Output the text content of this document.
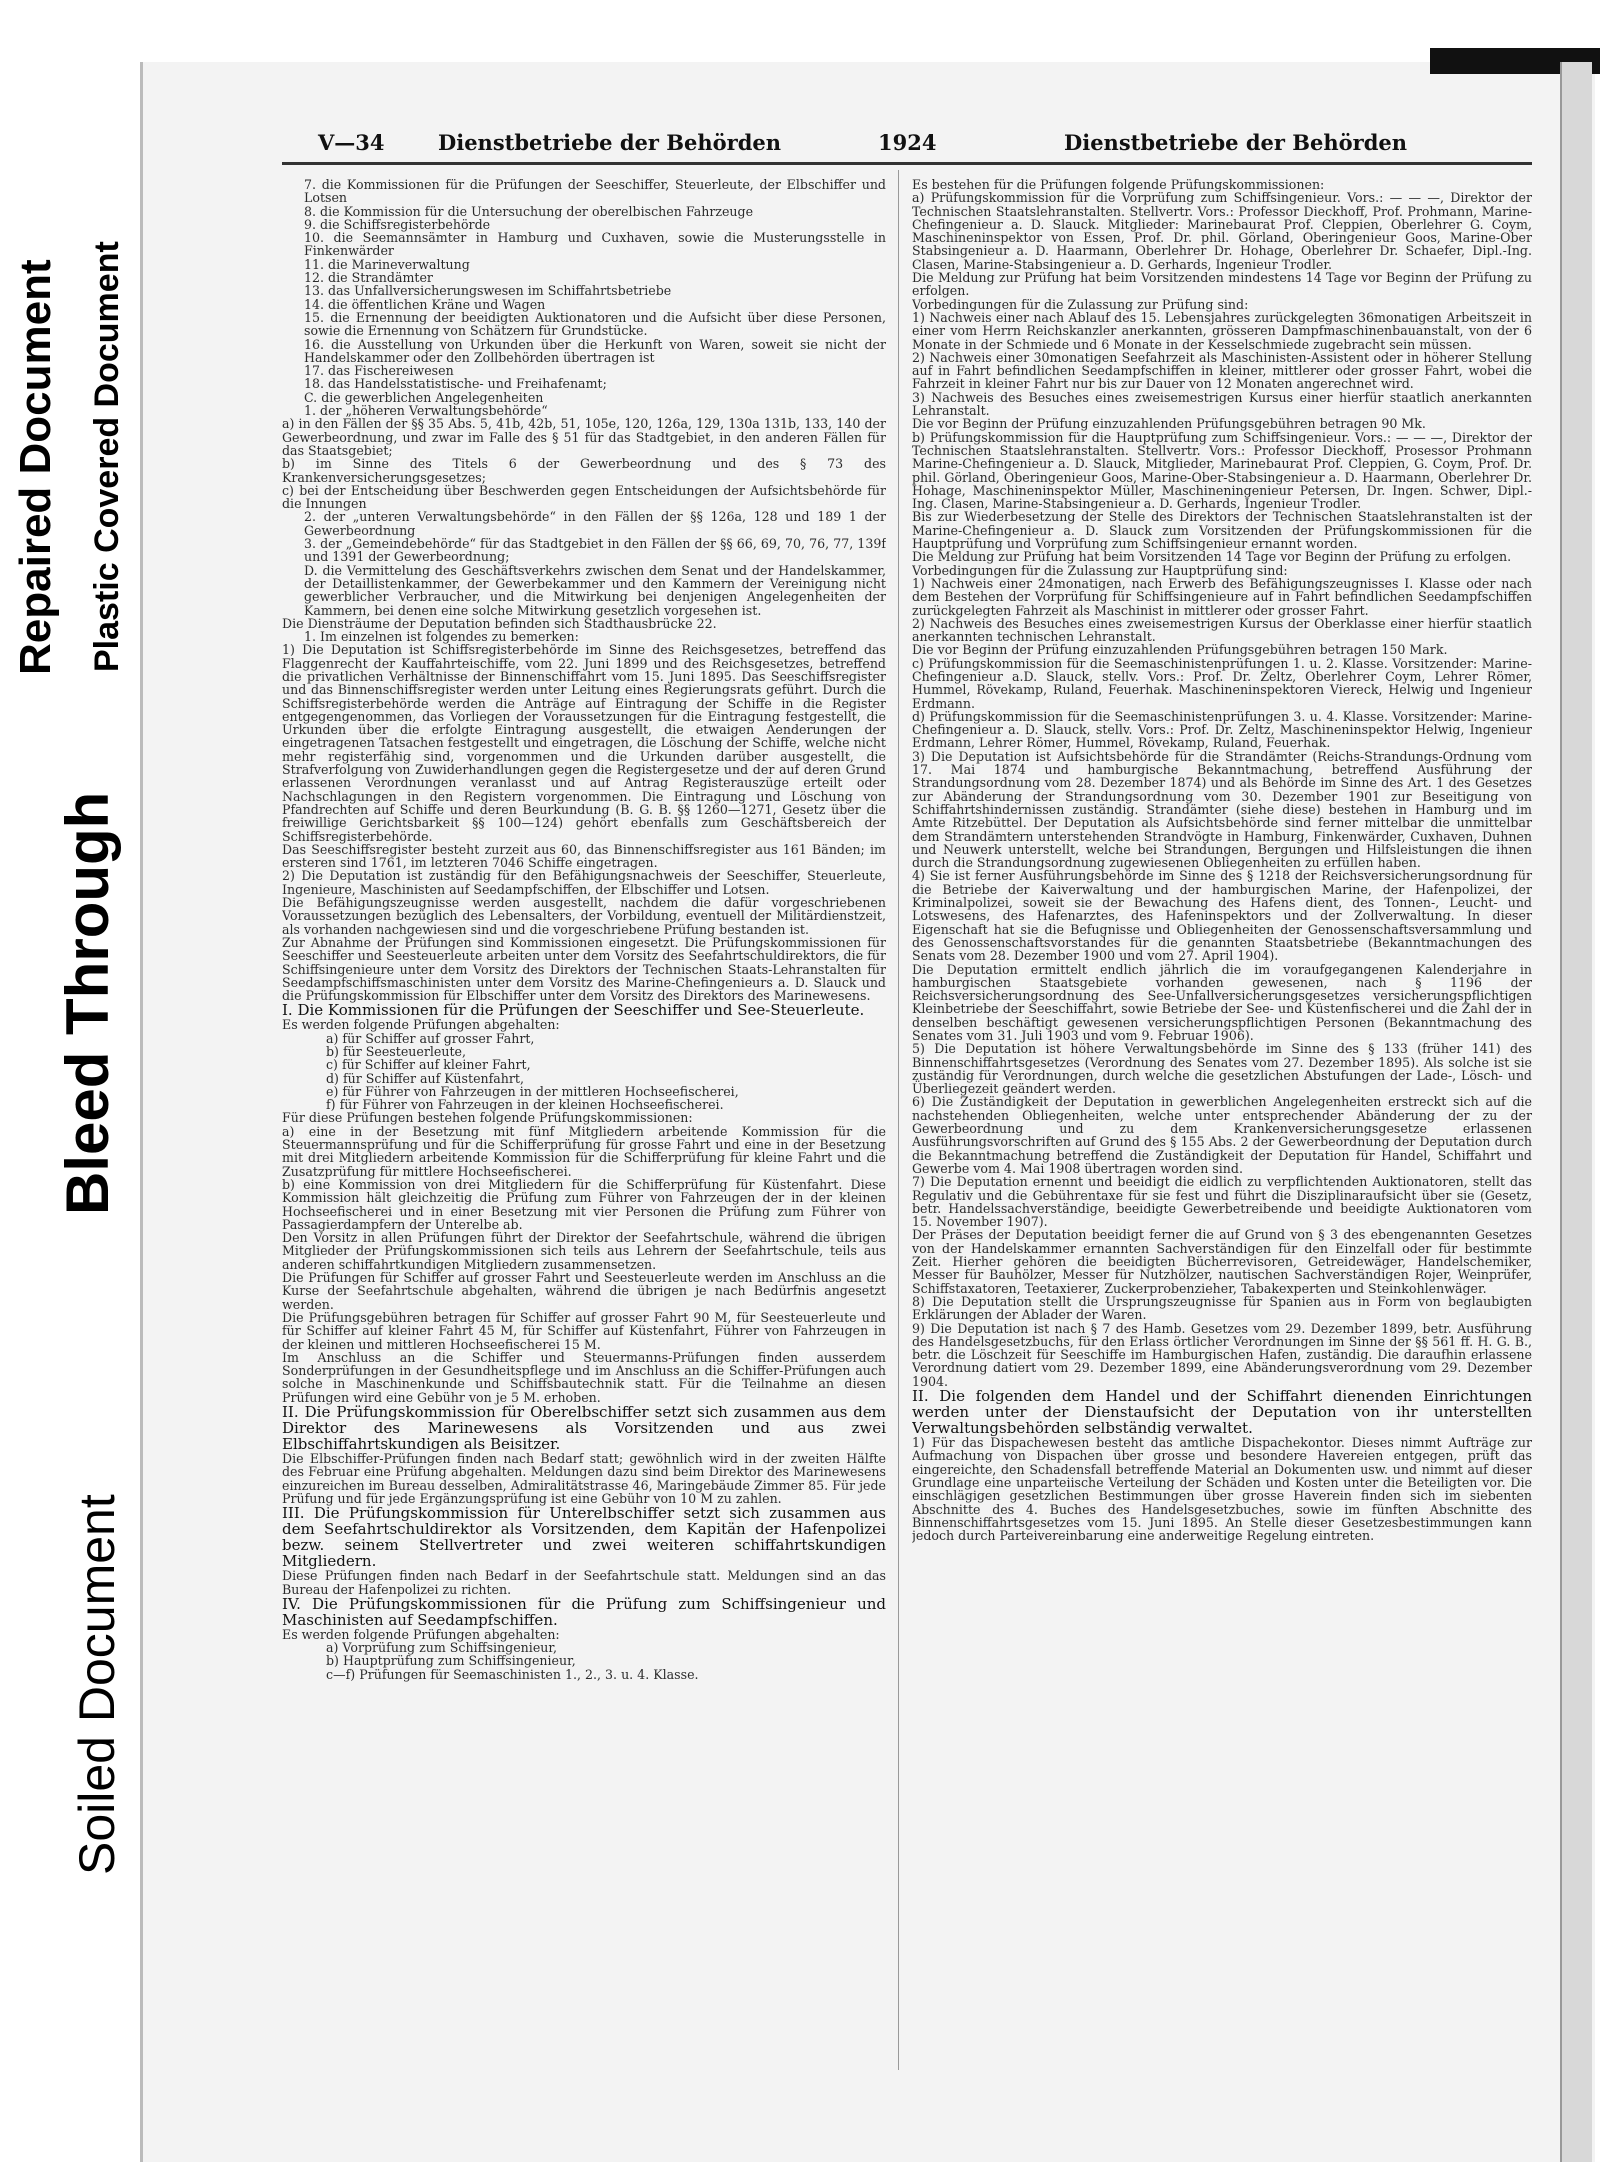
Repaired Document Plastic Covered Document
Bleed Through
Soiled Document
V—34	Dienstbetriebe der Behörden	1924	Dienstbetriebe der Behörden

7. die Kommissionen für die Prüfungen der Seeschiffer, Steuerleute, der Elbschiffer und Lotsen

8. die Kommission für die Untersuchung der oberelbischen Fahrzeuge

9. die Schiffsregisterbehörde

10. die Seemannsämter in Hamburg und Cuxhaven, sowie die Musterungsstelle in Finkenwärder

11. die Marineverwaltung

12. die Strandämter

13. das Unfallversicherungswesen im Schiffahrtsbetriebe

14. die öffentlichen Kräne und Wagen

15. die Ernennung der beeidigten Auktionatoren und die Aufsicht über diese Personen, sowie die Ernennung von Schätzern für Grundstücke.

16. die Ausstellung von Urkunden über die Herkunft von Waren, soweit sie nicht der Handelskammer oder den Zollbehörden übertragen ist

17. das Fischereiwesen

18. das Handelsstatistische- und Freihafenamt;

C. die gewerblichen Angelegenheiten

1. der „höheren Verwaltungsbehörde“

a) in den Fällen der §§ 35 Abs. 5, 41b, 42b, 51, 105e, 120, 126a, 129, 130a 131b, 133, 140 der Gewerbeordnung, und zwar im Falle des § 51 für das Stadtgebiet, in den anderen Fällen für das Staatsgebiet;

b) im Sinne des Titels 6 der Gewerbeordnung und des § 73 des Krankenversicherungsgesetzes;

c) bei der Entscheidung über Beschwerden gegen Entscheidungen der Aufsichtsbehörde für die Innungen

2. der „unteren Verwaltungsbehörde“ in den Fällen der §§ 126a, 128 und 189 1 der Gewerbeordnung

3. der „Gemeindebehörde“ für das Stadtgebiet in den Fällen der §§ 66, 69, 70, 76, 77, 139f und 1391 der Gewerbeordnung;

D. die Vermittelung des Geschäftsverkehrs zwischen dem Senat und der Handelskammer, der Detaillistenkammer, der Gewerbekammer und den Kammern der Vereinigung nicht gewerblicher Verbraucher, und die Mitwirkung bei denjenigen Angelegenheiten der Kammern, bei denen eine solche Mitwirkung gesetzlich vorgesehen ist.

Die Diensträume der Deputation befinden sich Stadthausbrücke 22.

1. Im einzelnen ist folgendes zu bemerken:

1) Die Deputation ist Schiffsregisterbehörde im Sinne des Reichsgesetzes, betreffend das Flaggenrecht der Kauffahrteischiffe, vom 22. Juni 1899 und des Reichsgesetzes, betreffend die privatlichen Verhältnisse der Binnenschiffahrt vom 15. Juni 1895. Das Seeschiffsregister und das Binnenschiffsregister werden unter Leitung eines Regierungsrats geführt. Durch die Schiffsregisterbehörde werden die Anträge auf Eintragung der Schiffe in die Register entgegengenommen, das Vorliegen der Voraussetzungen für die Eintragung festgestellt, die Urkunden über die erfolgte Eintragung ausgestellt, die etwaigen Aenderungen der eingetragenen Tatsachen festgestellt und eingetragen, die Löschung der Schiffe, welche nicht mehr registerfähig sind, vorgenommen und die Urkunden darüber ausgestellt, die Strafverfolgung von Zuwiderhandlungen gegen die Registergesetze und der auf deren Grund erlassenen Verordnungen veranlasst und auf Antrag Registerauszüge erteilt oder Nachschlagungen in den Registern vorgenommen. Die Eintragung und Löschung von Pfandrechten auf Schiffe und deren Beurkundung (B. G. B. §§ 1260—1271, Gesetz über die freiwillige Gerichtsbarkeit §§ 100—124) gehört ebenfalls zum Geschäftsbereich der Schiffsregisterbehörde.

Das Seeschiffsregister besteht zurzeit aus 60, das Binnenschiffsregister aus 161 Bänden; im ersteren sind 1761, im letzteren 7046 Schiffe eingetragen.

2) Die Deputation ist zuständig für den Befähigungsnachweis der Seeschiffer, Steuerleute, Ingenieure, Maschinisten auf Seedampfschiffen, der Elbschiffer und Lotsen.

Die Befähigungszeugnisse werden ausgestellt, nachdem die dafür vorgeschriebenen Voraussetzungen bezüglich des Lebensalters, der Vorbildung, eventuell der Militärdienstzeit, als vorhanden nachgewiesen sind und die vorgeschriebene Prüfung bestanden ist.

Zur Abnahme der Prüfungen sind Kommissionen eingesetzt. Die Prüfungskommissionen für Seeschiffer und Seesteuerleute arbeiten unter dem Vorsitz des Seefahrtschuldirektors, die für Schiffsingenieure unter dem Vorsitz des Direktors der Technischen Staats-Lehranstalten für Seedampfschiffsmaschinisten unter dem Vorsitz des Marine-Chefingenieurs a. D. Slauck und die Prüfungskommission für Elbschiffer unter dem Vorsitz des Direktors des Marinewesens.

I. Die Kommissionen für die Prüfungen der Seeschiffer und See-Steuerleute.

Es werden folgende Prüfungen abgehalten:

a) für Schiffer auf grosser Fahrt,

b) für Seesteuerleute,

c) für Schiffer auf kleiner Fahrt,

d) für Schiffer auf Küstenfahrt,

e) für Führer von Fahrzeugen in der mittleren Hochseefischerei,

f) für Führer von Fahrzeugen in der kleinen Hochseefischerei.

Für diese Prüfungen bestehen folgende Prüfungskommissionen:

a) eine in der Besetzung mit fünf Mitgliedern arbeitende Kommission für die Steuermannsprüfung und für die Schifferprüfung für grosse Fahrt und eine in der Besetzung mit drei Mitgliedern arbeitende Kommission für die Schifferprüfung für kleine Fahrt und die Zusatzprüfung für mittlere Hochseefischerei.

b) eine Kommission von drei Mitgliedern für die Schifferprüfung für Küstenfahrt. Diese Kommission hält gleichzeitig die Prüfung zum Führer von Fahrzeugen der in der kleinen Hochseefischerei und in einer Besetzung mit vier Personen die Prüfung zum Führer von Passagierdampfern der Unterelbe ab.

Den Vorsitz in allen Prüfungen führt der Direktor der Seefahrtschule, während die übrigen Mitglieder der Prüfungskommissionen sich teils aus Lehrern der Seefahrtschule, teils aus anderen schiffahrtkundigen Mitgliedern zusammensetzen.

Die Prüfungen für Schiffer auf grosser Fahrt und Seesteuerleute werden im Anschluss an die Kurse der Seefahrtschule abgehalten, während die übrigen je nach Bedürfnis angesetzt werden.

Die Prüfungsgebühren betragen für Schiffer auf grosser Fahrt 90 M, für Seesteuerleute und für Schiffer auf kleiner Fahrt 45 M, für Schiffer auf Küstenfahrt, Führer von Fahrzeugen in der kleinen und mittleren Hochseefischerei 15 M.

Im Anschluss an die Schiffer und Steuermanns-Prüfungen finden ausserdem Sonderprüfungen in der Gesundheitspflege und im Anschluss an die Schiffer-Prüfungen auch solche in Maschinenkunde und Schiffsbautechnik statt. Für die Teilnahme an diesen Prüfungen wird eine Gebühr von je 5 M. erhoben.

II. Die Prüfungskommission für Oberelbschiffer setzt sich zusammen aus dem Direktor des Marinewesens als Vorsitzenden und aus zwei Elbschiffahrtskundigen als Beisitzer.

Die Elbschiffer-Prüfungen finden nach Bedarf statt; gewöhnlich wird in der zweiten Hälfte des Februar eine Prüfung abgehalten. Meldungen dazu sind beim Direktor des Marinewesens einzureichen im Bureau desselben, Admiralitätstrasse 46, Maringebäude Zimmer 85. Für jede Prüfung und für jede Ergänzungsprüfung ist eine Gebühr von 10 M zu zahlen.

III. Die Prüfungskommission für Unterelbschiffer setzt sich zusammen aus dem Seefahrtschuldirektor als Vorsitzenden, dem Kapitän der Hafenpolizei bezw. seinem Stellvertreter und zwei weiteren schiffahrtskundigen Mitgliedern.

Diese Prüfungen finden nach Bedarf in der Seefahrtschule statt. Meldungen sind an das Bureau der Hafenpolizei zu richten.

IV. Die Prüfungskommissionen für die Prüfung zum Schiffsingenieur und Maschinisten auf Seedampfschiffen.

Es werden folgende Prüfungen abgehalten:

a) Vorprüfung zum Schiffsingenieur,

b) Hauptprüfung zum Schiffsingenieur,

c—f) Prüfungen für Seemaschinisten 1., 2., 3. u. 4. Klasse.

Es bestehen für die Prüfungen folgende Prüfungskommissionen:

a) Prüfungskommission für die Vorprüfung zum Schiffsingenieur. Vors.: — — —, Direktor der Technischen Staatslehranstalten. Stellvertr. Vors.: Professor Dieckhoff, Prof. Prohmann, Marine-Chefingenieur a. D. Slauck. Mitglieder: Marinebaurat Prof. Cleppien, Oberlehrer G. Coym, Maschineninspektor von Essen, Prof. Dr. phil. Görland, Oberingenieur Goos, Marine-Ober Stabsingenieur a. D. Haarmann, Oberlehrer Dr. Hohage, Oberlehrer Dr. Schaefer, Dipl.-Ing. Clasen, Marine-Stabsingenieur a. D. Gerhards, Ingenieur Trodler.

Die Meldung zur Prüfung hat beim Vorsitzenden mindestens 14 Tage vor Beginn der Prüfung zu erfolgen.

Vorbedingungen für die Zulassung zur Prüfung sind:

1) Nachweis einer nach Ablauf des 15. Lebensjahres zurückgelegten 36monatigen Arbeitszeit in einer vom Herrn Reichskanzler anerkannten, grösseren Dampfmaschinenbauanstalt, von der 6 Monate in der Schmiede und 6 Monate in der Kesselschmiede zugebracht sein müssen.

2) Nachweis einer 30monatigen Seefahrzeit als Maschinisten-Assistent oder in höherer Stellung auf in Fahrt befindlichen Seedampfschiffen in kleiner, mittlerer oder grosser Fahrt, wobei die Fahrzeit in kleiner Fahrt nur bis zur Dauer von 12 Monaten angerechnet wird.

3) Nachweis des Besuches eines zweisemestrigen Kursus einer hierfür staatlich anerkannten Lehranstalt.

Die vor Beginn der Prüfung einzuzahlenden Prüfungsgebühren betragen 90 Mk.

b) Prüfungskommission für die Hauptprüfung zum Schiffsingenieur. Vors.: — — —, Direktor der Technischen Staatslehranstalten. Stellvertr. Vors.: Professor Dieckhoff, Prosessor Prohmann Marine-Chefingenieur a. D. Slauck, Mitglieder, Marinebaurat Prof. Cleppien, G. Coym, Prof. Dr. phil. Görland, Oberingenieur Goos, Marine-Ober-Stabsingenieur a. D. Haarmann, Oberlehrer Dr. Hohage, Maschineninspektor Müller, Maschineningenieur Petersen, Dr. Ingen. Schwer, Dipl.-Ing. Clasen, Marine-Stabsingenieur a. D. Gerhards, Ingenieur Trodler.

Bis zur Wiederbesetzung der Stelle des Direktors der Technischen Staatslehranstalten ist der Marine-Chefingenieur a. D. Slauck zum Vorsitzenden der Prüfungskommissionen für die Hauptprüfung und Vorprüfung zum Schiffsingenieur ernannt worden.

Die Meldung zur Prüfung hat beim Vorsitzenden 14 Tage vor Beginn der Prüfung zu erfolgen.

Vorbedingungen für die Zulassung zur Hauptprüfung sind:

1) Nachweis einer 24monatigen, nach Erwerb des Befähigungszeugnisses I. Klasse oder nach dem Bestehen der Vorprüfung für Schiffsingenieure auf in Fahrt befindlichen Seedampfschiffen zurückgelegten Fahrzeit als Maschinist in mittlerer oder grosser Fahrt.

2) Nachweis des Besuches eines zweisemestrigen Kursus der Oberklasse einer hierfür staatlich anerkannten technischen Lehranstalt.

Die vor Beginn der Prüfung einzuzahlenden Prüfungsgebühren betragen 150 Mark.

c) Prüfungskommission für die Seemaschinistenprüfungen 1. u. 2. Klasse. Vorsitzender: Marine-Chefingenieur a.D. Slauck, stellv. Vors.: Prof. Dr. Zeltz, Oberlehrer Coym, Lehrer Römer, Hummel, Rövekamp, Ruland, Feuerhak. Maschineninspektoren Viereck, Helwig und Ingenieur Erdmann.

d) Prüfungskommission für die Seemaschinistenprüfungen 3. u. 4. Klasse. Vorsitzender: Marine-Chefingenieur a. D. Slauck, stellv. Vors.: Prof. Dr. Zeltz, Maschineninspektor Helwig, Ingenieur Erdmann, Lehrer Römer, Hummel, Rövekamp, Ruland, Feuerhak.

3) Die Deputation ist Aufsichtsbehörde für die Strandämter (Reichs-Strandungs-Ordnung vom 17. Mai 1874 und hamburgische Bekanntmachung, betreffend Ausführung der Strandungsordnung vom 28. Dezember 1874) und als Behörde im Sinne des Art. 1 des Gesetzes zur Abänderung der Strandungsordnung vom 30. Dezember 1901 zur Beseitigung von Schiffahrtshindernissen zuständig. Strandämter (siehe diese) bestehen in Hamburg und im Amte Ritzebüttel. Der Deputation als Aufsichtsbehörde sind ferner mittelbar die unmittelbar dem Strandämtern unterstehenden Strandvögte in Hamburg, Finkenwärder, Cuxhaven, Duhnen und Neuwerk unterstellt, welche bei Strandungen, Bergungen und Hilfsleistungen die ihnen durch die Strandungsordnung zugewiesenen Obliegenheiten zu erfüllen haben.

4) Sie ist ferner Ausführungsbehörde im Sinne des § 1218 der Reichsversicherungsordnung für die Betriebe der Kaiverwaltung und der hamburgischen Marine, der Hafenpolizei, der Kriminalpolizei, soweit sie der Bewachung des Hafens dient, des Tonnen-, Leucht- und Lotswesens, des Hafenarztes, des Hafeninspektors und der Zollverwaltung. In dieser Eigenschaft hat sie die Befugnisse und Obliegenheiten der Genossenschaftsversammlung und des Genossenschaftsvorstandes für die genannten Staatsbetriebe (Bekanntmachungen des Senats vom 28. Dezember 1900 und vom 27. April 1904).

Die Deputation ermittelt endlich jährlich die im voraufgegangenen Kalenderjahre in hamburgischen Staatsgebiete vorhanden gewesenen, nach § 1196 der Reichsversicherungsordnung des See-Unfallversicherungsgesetzes versicherungspflichtigen Kleinbetriebe der Seeschiffahrt, sowie Betriebe der See- und Küstenfischerei und die Zahl der in denselben beschäftigt gewesenen versicherungspflichtigen Personen (Bekanntmachung des Senates vom 31. Juli 1903 und vom 9. Februar 1906).

5) Die Deputation ist höhere Verwaltungsbehörde im Sinne des § 133 (früher 141) des Binnenschiffahrtsgesetzes (Verordnung des Senates vom 27. Dezember 1895). Als solche ist sie zuständig für Verordnungen, durch welche die gesetzlichen Abstufungen der Lade-, Lösch- und Überliegezeit geändert werden.

6) Die Zuständigkeit der Deputation in gewerblichen Angelegenheiten erstreckt sich auf die nachstehenden Obliegenheiten, welche unter entsprechender Abänderung der zu der Gewerbeordnung und zu dem Krankenversicherungsgesetze erlassenen Ausführungsvorschriften auf Grund des § 155 Abs. 2 der Gewerbeordnung der Deputation durch die Bekanntmachung betreffend die Zuständigkeit der Deputation für Handel, Schiffahrt und Gewerbe vom 4. Mai 1908 übertragen worden sind.

7) Die Deputation ernennt und beeidigt die eidlich zu verpflichtenden Auktionatoren, stellt das Regulativ und die Gebührentaxe für sie fest und führt die Disziplinaraufsicht über sie (Gesetz, betr. Handelssachverständige, beeidigte Gewerbetreibende und beeidigte Auktionatoren vom 15. November 1907).

Der Präses der Deputation beeidigt ferner die auf Grund von § 3 des ebengenannten Gesetzes von der Handelskammer ernannten Sachverständigen für den Einzelfall oder für bestimmte Zeit. Hierher gehören die beeidigten Bücherrevisoren, Getreidewäger, Handelschemiker, Messer für Bauhölzer, Messer für Nutzhölzer, nautischen Sachverständigen Rojer, Weinprüfer, Schiffstaxatoren, Teetaxierer, Zuckerprobenzieher, Tabakexperten und Steinkohlenwäger.

8) Die Deputation stellt die Ursprungszeugnisse für Spanien aus in Form von beglaubigten Erklärungen der Ablader der Waren.

9) Die Deputation ist nach § 7 des Hamb. Gesetzes vom 29. Dezember 1899, betr. Ausführung des Handelsgesetzbuchs, für den Erlass örtlicher Verordnungen im Sinne der §§ 561 ff. H. G. B., betr. die Löschzeit für Seeschiffe im Hamburgischen Hafen, zuständig. Die daraufhin erlassene Verordnung datiert vom 29. Dezember 1899, eine Abänderungsverordnung vom 29. Dezember 1904.

II. Die folgenden dem Handel und der Schiffahrt dienenden Einrichtungen werden unter der Dienstaufsicht der Deputation von ihr unterstellten Verwaltungsbehörden selbständig verwaltet.

1) Für das Dispachewesen besteht das amtliche Dispachekontor. Dieses nimmt Aufträge zur Aufmachung von Dispachen über grosse und besondere Havereien entgegen, prüft das eingereichte, den Schadensfall betreffende Material an Dokumenten usw. und nimmt auf dieser Grundlage eine unparteiische Verteilung der Schäden und Kosten unter die Beteiligten vor. Die einschlägigen gesetzlichen Bestimmungen über grosse Haverein finden sich im siebenten Abschnitte des 4. Buches des Handelsgesetzbuches, sowie im fünften Abschnitte des Binnenschiffahrtsgesetzes vom 15. Juni 1895. An Stelle dieser Gesetzesbestimmungen kann jedoch durch Parteivereinbarung eine anderweitige Regelung eintreten.
